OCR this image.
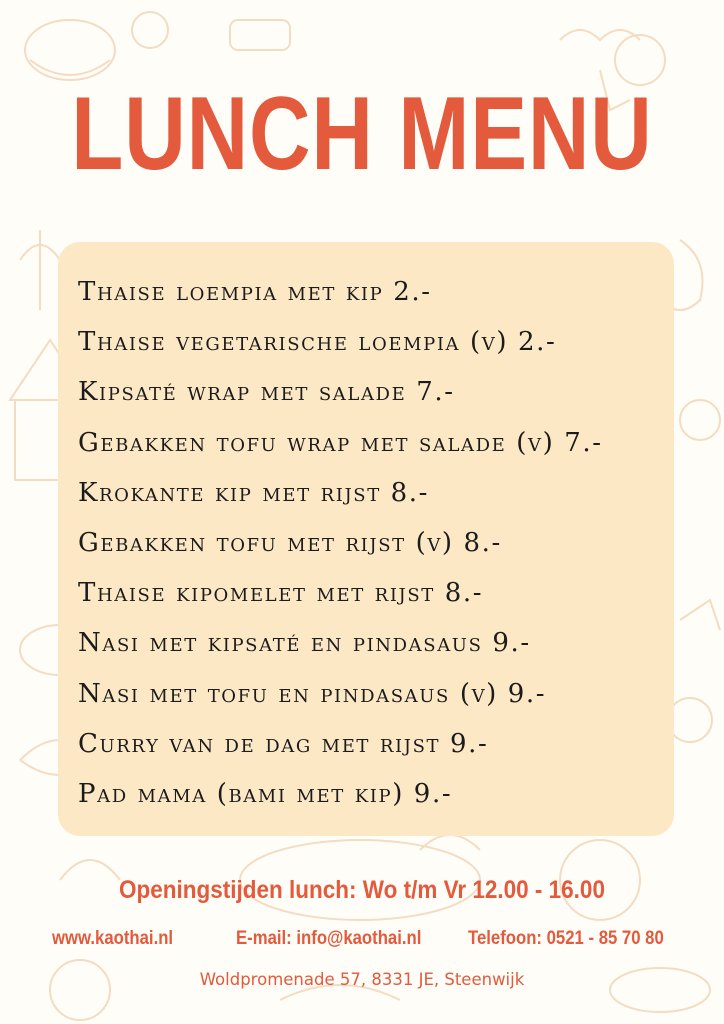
LUNCH MENU
Thaise loempia met kip 2.-
Thaise vegetarische loempia (v) 2.-
Kipsaté wrap met salade 7.-
Gebakken tofu wrap met salade (v) 7.-
Krokante kip met rijst 8.-
Gebakken tofu met rijst (v) 8.-
Thaise kipomelet met rijst 8.-
Nasi met kipsaté en pindasaus 9.-
Nasi met tofu en pindasaus (v) 9.-
Curry van de dag met rijst 9.-
Pad mama (bami met kip) 9.-
Openingstijden lunch: Wo t/m Vr 12.00 - 16.00
www.kaothai.nl	E-mail: info@kaothai.nl Telefoon: 0521 - 85 70 80
Woldpromenade 57, 8331 JE, Steenwijk
